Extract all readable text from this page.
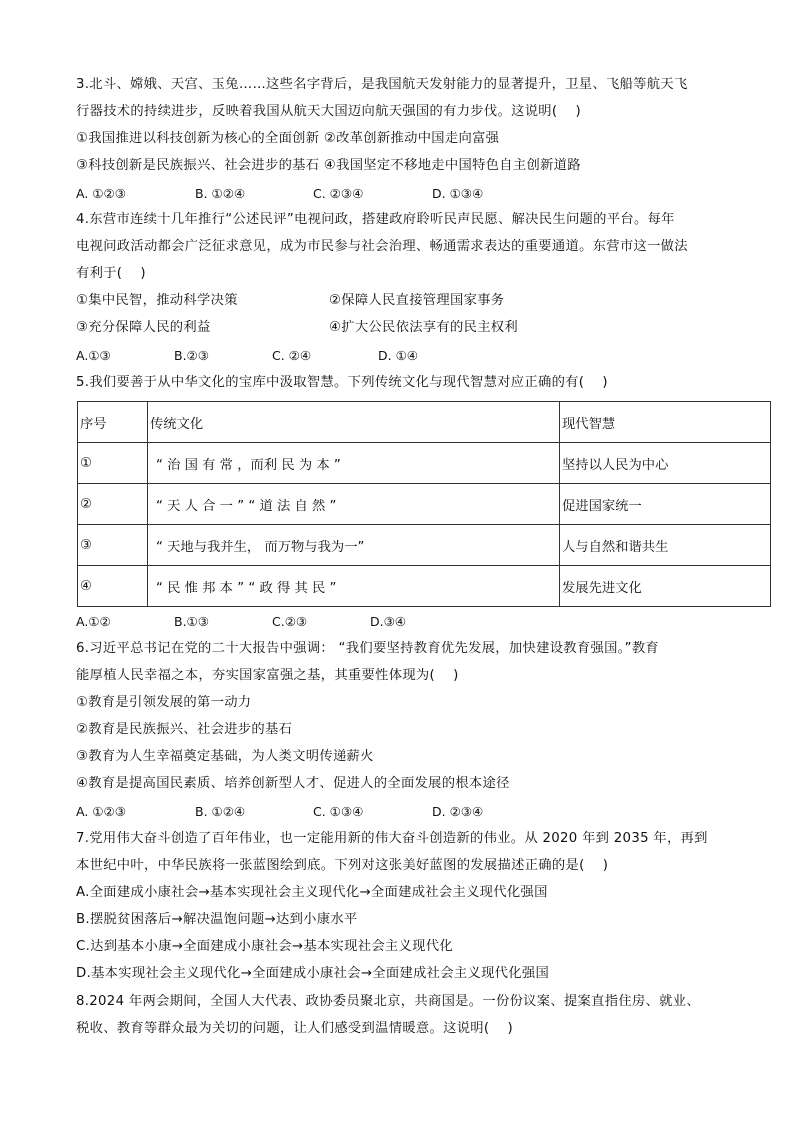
3.北斗、嫦娥、天宫、玉兔……这些名字背后，是我国航天发射能力的显著提升，卫星、飞船等航天飞
行器技术的持续进步，反映着我国从航天大国迈向航天强国的有力步伐。这说明(　 )
①我国推进以科技创新为核心的全面创新 ②改革创新推动中国走向富强
③科技创新是民族振兴、社会进步的基石 ④我国坚定不移地走中国特色自主创新道路
A. ①②③	B. ①②④	C. ②③④	D. ①③④
4.东营市连续十几年推行“公述民评”电视问政，搭建政府聆听民声民愿、解决民生问题的平台。每年
电视问政活动都会广泛征求意见，成为市民参与社会治理、畅通需求表达的重要通道。东营市这一做法
有利于(　 )
①集中民智，推动科学决策	②保障人民直接管理国家事务
③充分保障人民的利益	④扩大公民依法享有的民主权利
A.①③	B.②③	C. ②④	D. ①④
5.我们要善于从中华文化的宝库中汲取智慧。下列传统文化与现代智慧对应正确的有(　 )
序号	传统文化	现代智慧
①	“ 治 国 有 常 ，而利 民 为 本 ”	坚持以人民为中心
②	“ 天 人 合 一 ” “ 道 法 自 然 ”	促进国家统一
③	“ 天地与我并生， 而万物与我为一”	人与自然和谐共生
④	“ 民 惟 邦 本 ” “ 政 得 其 民 ”	发展先进文化
A.①②	B.①③	C.②③	D.③④
6.习近平总书记在党的二十大报告中强调： “我们要坚持教育优先发展，加快建设教育强国。”教育
能厚植人民幸福之本，夯实国家富强之基，其重要性体现为(　 )
①教育是引领发展的第一动力
②教育是民族振兴、社会进步的基石
③教育为人生幸福奠定基础，为人类文明传递薪火
④教育是提高国民素质、培养创新型人才、促进人的全面发展的根本途径
A. ①②③	B. ①②④	C. ①③④	D. ②③④
7.党用伟大奋斗创造了百年伟业，也一定能用新的伟大奋斗创造新的伟业。从 2020 年到 2035 年，再到
本世纪中叶，中华民族将一张蓝图绘到底。下列对这张美好蓝图的发展描述正确的是(　 )
A.全面建成小康社会→基本实现社会主义现代化→全面建成社会主义现代化强国
B.摆脱贫困落后→解决温饱问题→达到小康水平
C.达到基本小康→全面建成小康社会→基本实现社会主义现代化
D.基本实现社会主义现代化→全面建成小康社会→全面建成社会主义现代化强国
8.2024 年两会期间，全国人大代表、政协委员聚北京，共商国是。一份份议案、提案直指住房、就业、
税收、教育等群众最为关切的问题，让人们感受到温情暖意。这说明(　 )
